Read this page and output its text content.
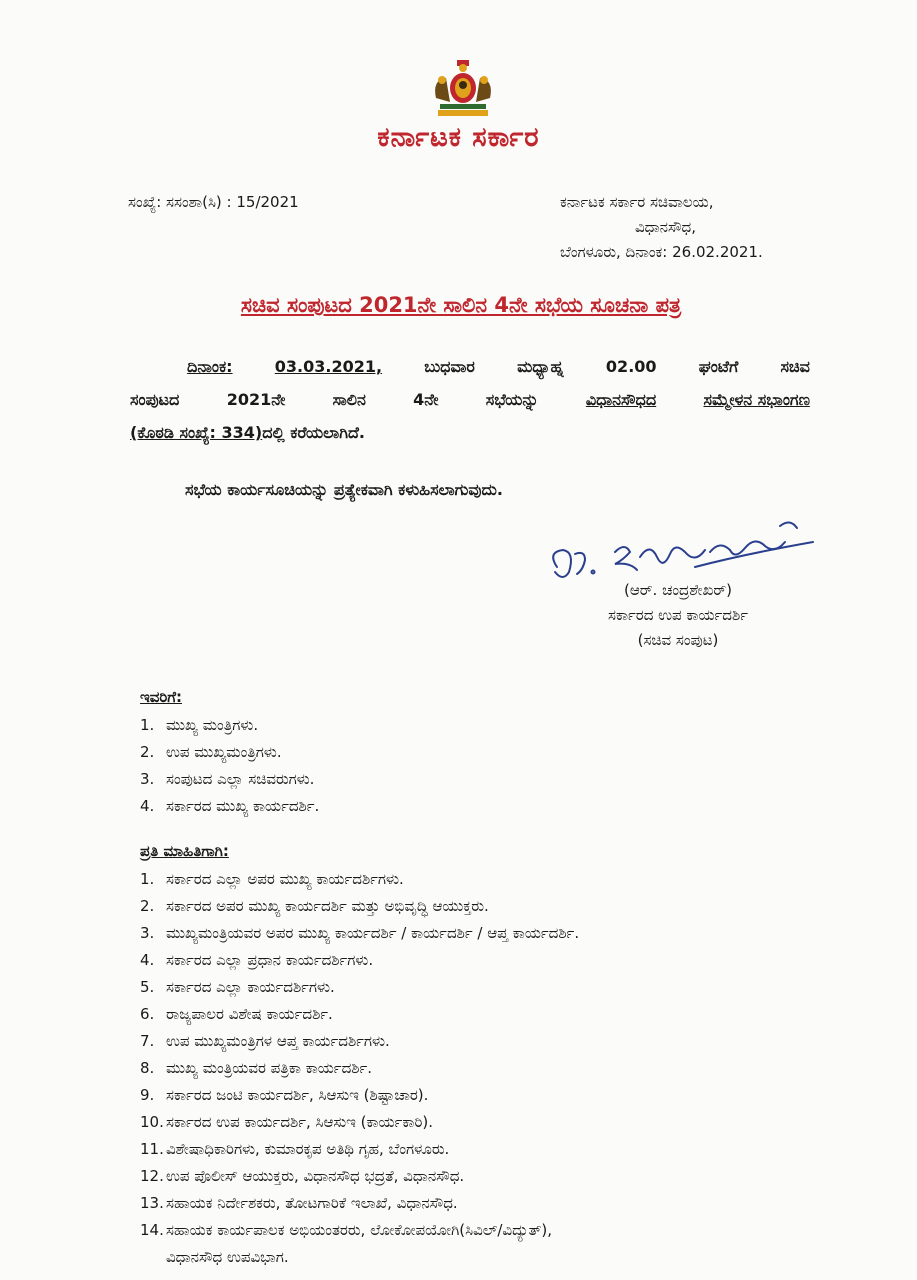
ಕರ್ನಾಟಕ ಸರ್ಕಾರ
ಸಂಖ್ಯೆ: ಸಸಂಶಾ(ಸಿ) : 15/2021	ಕರ್ನಾಟಕ ಸರ್ಕಾರ ಸಚಿವಾಲಯ,
ವಿಧಾನಸೌಧ,
ಬೆಂಗಳೂರು, ದಿನಾಂಕ: 26.02.2021.
ಸಚಿವ ಸಂಪುಟದ 2021ನೇ ಸಾಲಿನ 4ನೇ ಸಭೆಯ ಸೂಚನಾ ಪತ್ರ
ದಿನಾಂಕ:	03.03.2021,	ಬುಧವಾರ	ಮಧ್ಯಾಹ್ನ	02.00	ಘಂಟೆಗೆ	ಸಚಿವ
ಸಂಪುಟದ	2021ನೇ	ಸಾಲಿನ	4ನೇ	ಸಭೆಯನ್ನು	ವಿಧಾನಸೌಧದ	ಸಮ್ಮೇಳನ ಸಭಾಂಗಣ
(ಕೊಠಡಿ ಸಂಖ್ಯೆ: 334)ದಲ್ಲಿ ಕರೆಯಲಾಗಿದೆ.
ಸಭೆಯ ಕಾರ್ಯಸೂಚಿಯನ್ನು ಪ್ರತ್ಯೇಕವಾಗಿ ಕಳುಹಿಸಲಾಗುವುದು.
(ಆರ್. ಚಂದ್ರಶೇಖರ್)
ಸರ್ಕಾರದ ಉಪ ಕಾರ್ಯದರ್ಶಿ
(ಸಚಿವ ಸಂಪುಟ)
ಇವರಿಗೆ:
1. ಮುಖ್ಯ ಮಂತ್ರಿಗಳು.
2. ಉಪ ಮುಖ್ಯಮಂತ್ರಿಗಳು.
3. ಸಂಪುಟದ ಎಲ್ಲಾ ಸಚಿವರುಗಳು.
4. ಸರ್ಕಾರದ ಮುಖ್ಯ ಕಾರ್ಯದರ್ಶಿ.
ಪ್ರತಿ ಮಾಹಿತಿಗಾಗಿ:
1. ಸರ್ಕಾರದ ಎಲ್ಲಾ ಅಪರ ಮುಖ್ಯ ಕಾರ್ಯದರ್ಶಿಗಳು.
2. ಸರ್ಕಾರದ ಅಪರ ಮುಖ್ಯ ಕಾರ್ಯದರ್ಶಿ ಮತ್ತು ಅಭಿವೃದ್ಧಿ ಆಯುಕ್ತರು.
3. ಮುಖ್ಯಮಂತ್ರಿಯವರ ಅಪರ ಮುಖ್ಯ ಕಾರ್ಯದರ್ಶಿ / ಕಾರ್ಯದರ್ಶಿ / ಆಪ್ತ ಕಾರ್ಯದರ್ಶಿ.
4. ಸರ್ಕಾರದ ಎಲ್ಲಾ ಪ್ರಧಾನ ಕಾರ್ಯದರ್ಶಿಗಳು.
5. ಸರ್ಕಾರದ ಎಲ್ಲಾ ಕಾರ್ಯದರ್ಶಿಗಳು.
6. ರಾಜ್ಯಪಾಲರ ವಿಶೇಷ ಕಾರ್ಯದರ್ಶಿ.
7. ಉಪ ಮುಖ್ಯಮಂತ್ರಿಗಳ ಆಪ್ತ ಕಾರ್ಯದರ್ಶಿಗಳು.
8. ಮುಖ್ಯ ಮಂತ್ರಿಯವರ ಪತ್ರಿಕಾ ಕಾರ್ಯದರ್ಶಿ.
9. ಸರ್ಕಾರದ ಜಂಟಿ ಕಾರ್ಯದರ್ಶಿ, ಸಿಆಸುಇ (ಶಿಷ್ಟಾಚಾರ).
10. ಸರ್ಕಾರದ ಉಪ ಕಾರ್ಯದರ್ಶಿ, ಸಿಆಸುಇ (ಕಾರ್ಯಕಾರಿ).
11. ವಿಶೇಷಾಧಿಕಾರಿಗಳು, ಕುಮಾರಕೃಪ ಅತಿಥಿ ಗೃಹ, ಬೆಂಗಳೂರು.
12. ಉಪ ಪೊಲೀಸ್ ಆಯುಕ್ತರು, ವಿಧಾನಸೌಧ ಭದ್ರತೆ, ವಿಧಾನಸೌಧ.
13. ಸಹಾಯಕ ನಿರ್ದೇಶಕರು, ತೋಟಗಾರಿಕೆ ಇಲಾಖೆ, ವಿಧಾನಸೌಧ.
14. ಸಹಾಯಕ ಕಾರ್ಯಪಾಲಕ ಅಭಿಯಂತರರು, ಲೋಕೋಪಯೋಗಿ(ಸಿವಿಲ್/ವಿದ್ಯುತ್),
ವಿಧಾನಸೌಧ ಉಪವಿಭಾಗ.
